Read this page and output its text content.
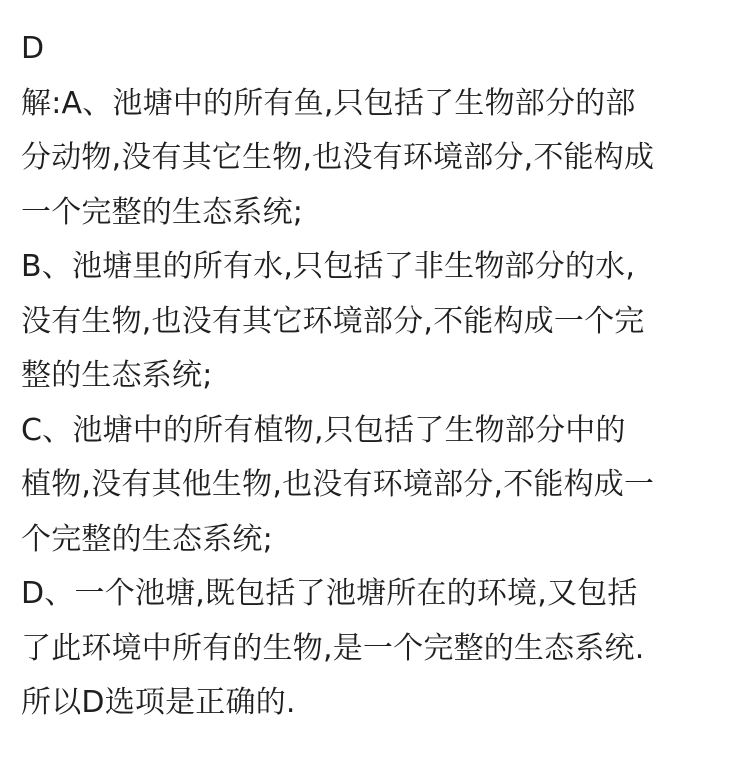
D
解:A、池塘中的所有鱼,只包括了生物部分的部
分动物,没有其它生物,也没有环境部分,不能构成
一个完整的生态系统;
B、池塘里的所有水,只包括了非生物部分的水,
没有生物,也没有其它环境部分,不能构成一个完
整的生态系统;
C、池塘中的所有植物,只包括了生物部分中的
植物,没有其他生物,也没有环境部分,不能构成一
个完整的生态系统;
D、一个池塘,既包括了池塘所在的环境,又包括
了此环境中所有的生物,是一个完整的生态系统.
所以D选项是正确的.
